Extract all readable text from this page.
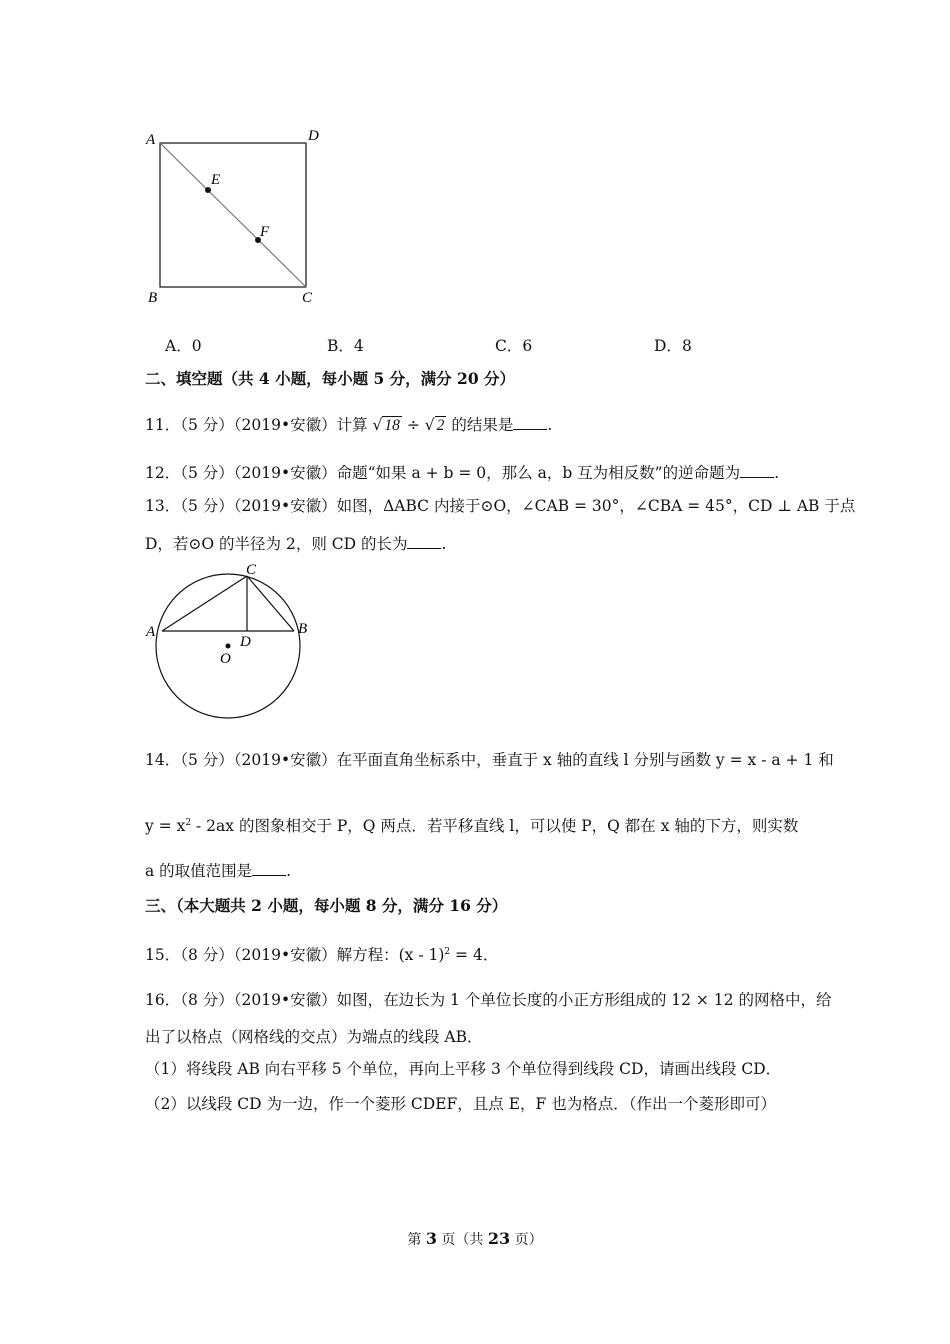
A	D
E
F
B	C
A．0	B．4	C．6	D．8
二、填空题（共 4 小题，每小题 5 分，满分 20 分）
11．（5 分）（2019•安徽）计算 √ 18 ÷ √ 2 的结果是 .
12．（5 分）（2019•安徽）命题“如果 a + b = 0，那么 a，b 互为相反数”的逆命题为 .
13．（5 分）（2019•安徽）如图，ΔABC 内接于⊙O，∠CAB = 30°，∠CBA = 45°，CD ⊥ AB 于点
D，若⊙O 的半径为 2，则 CD 的长为 .
C
A	B
D
O
14．（5 分）（2019•安徽）在平面直角坐标系中，垂直于 x 轴的直线 l 分别与函数 y = x - a + 1 和
$y = x^2 - 2ax$ 的图象相交于 P，Q 两点．若平移直线 l，可以使 P，Q 都在 x 轴的下方，则实数
a 的取值范围是 .
三、（本大题共 2 小题，每小题 8 分，满分 16 分）
15．（8 分）（2019•安徽）解方程：(x - 1)$^2$ = 4．
16．（8 分）（2019•安徽）如图，在边长为 1 个单位长度的小正方形组成的 12 × 12 的网格中，给
出了以格点（网格线的交点）为端点的线段 AB．
（1）将线段 AB 向右平移 5 个单位，再向上平移 3 个单位得到线段 CD，请画出线段 CD．
（2）以线段 CD 为一边，作一个菱形 CDEF，且点 E，F 也为格点．（作出一个菱形即可）
第 3 页（共 23 页）
